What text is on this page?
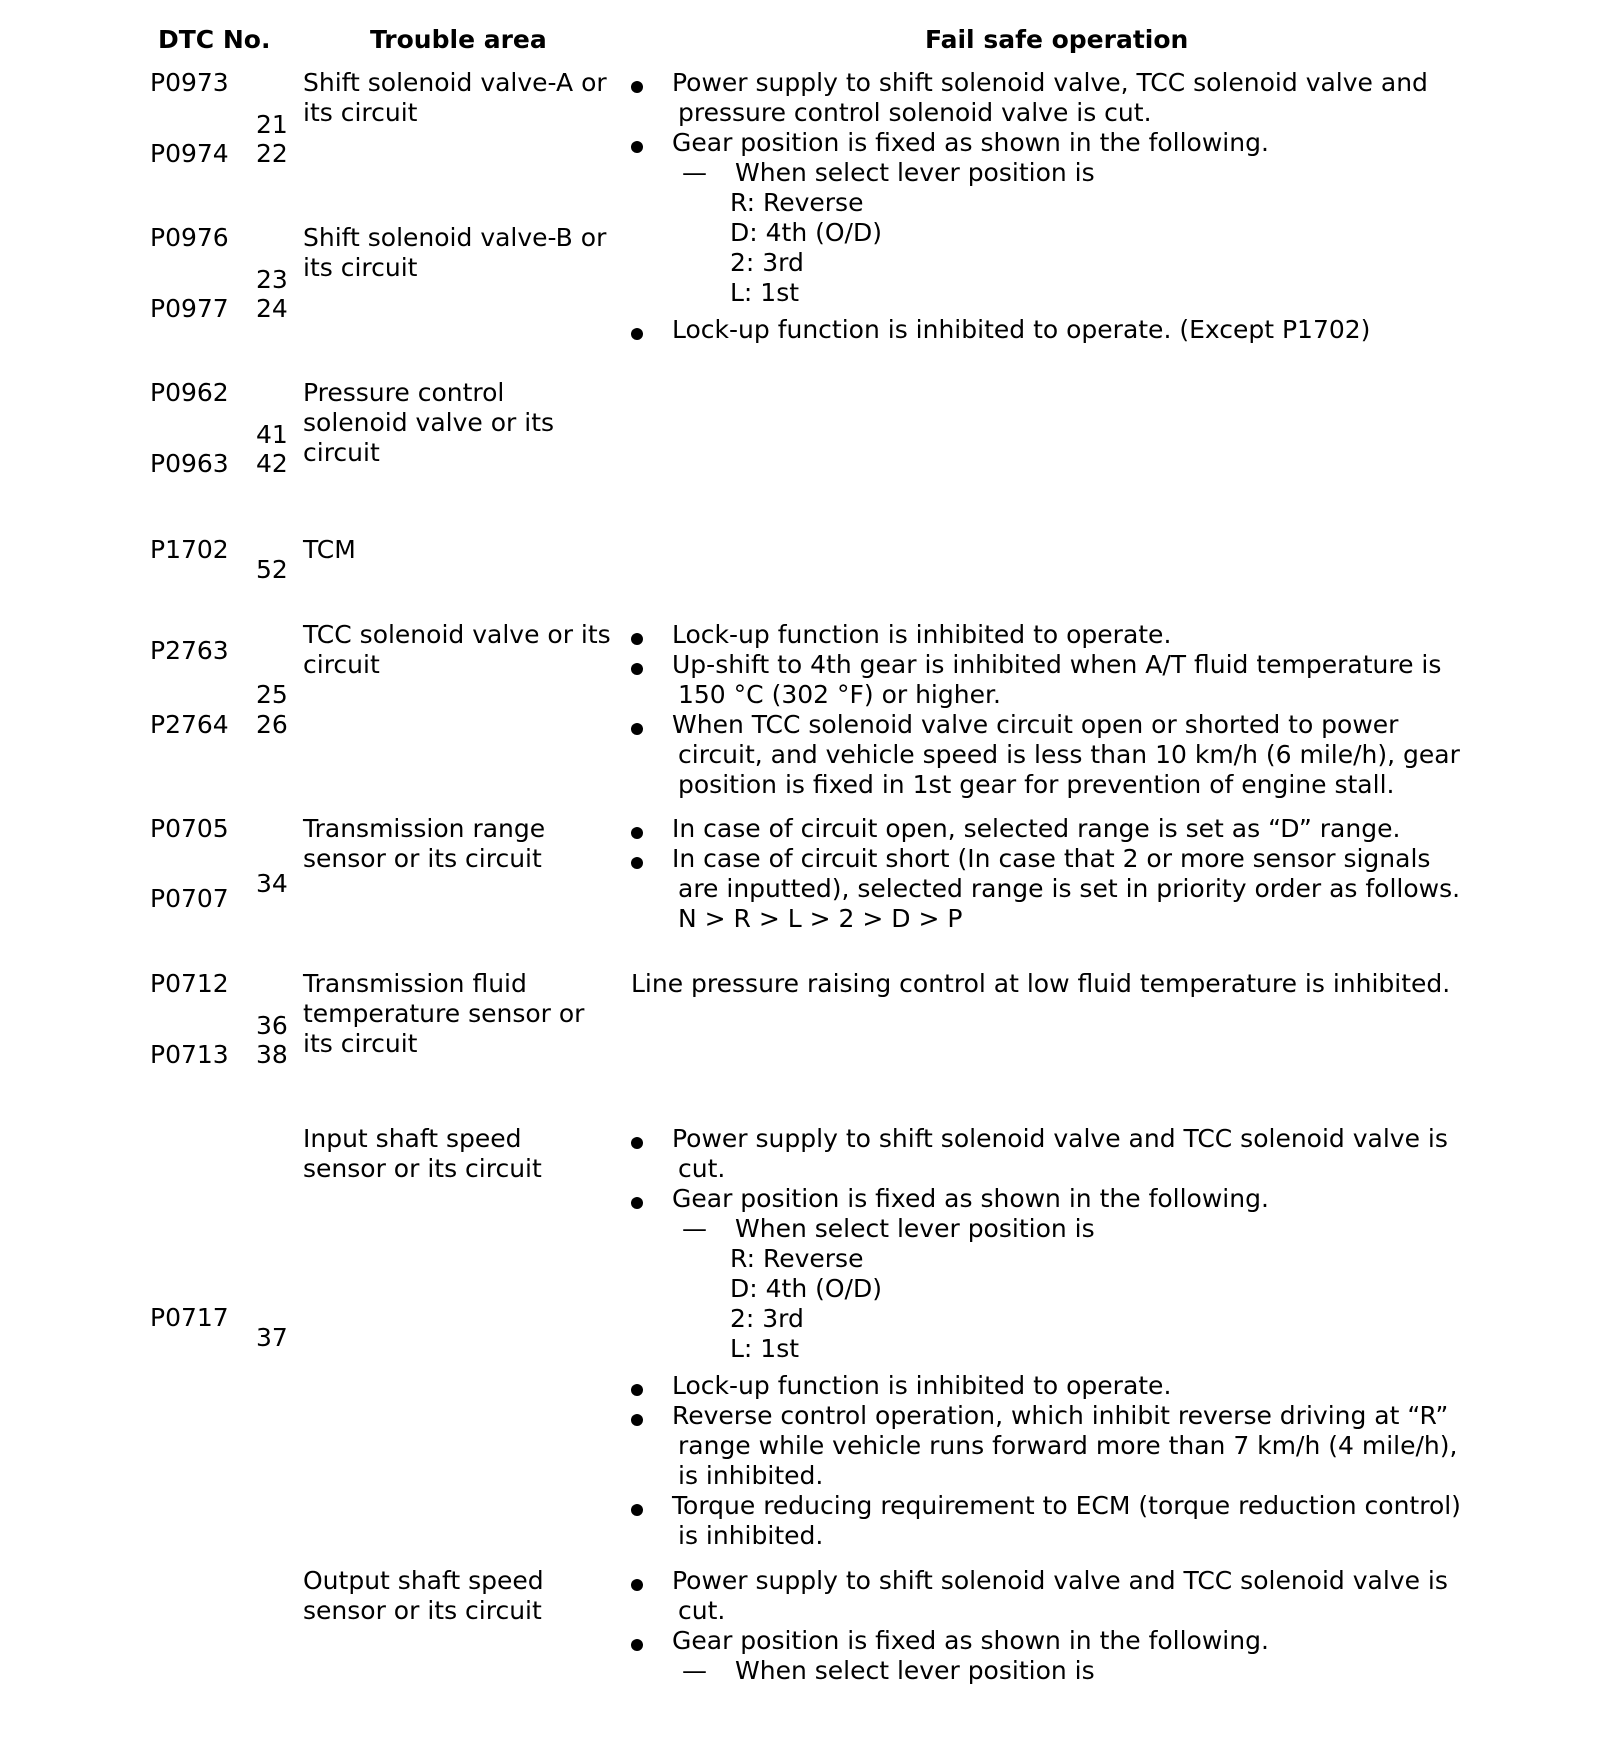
DTC No.	Trouble area	Fail safe operation
P0973
21
P0974 22
Shift solenoid valve-A or
its circuit
Power supply to shift solenoid valve, TCC solenoid valve and
pressure control solenoid valve is cut.
Gear position is fixed as shown in the following.
— When select lever position is
R: Reverse
D: 4th (O/D)
2: 3rd
L: 1st
Lock-up function is inhibited to operate. (Except P1702)
P0976
23
P0977 24
Shift solenoid valve-B or
its circuit
P0962
41
P0963 42
Pressure control
solenoid valve or its
circuit
P1702
52
TCM
P2763
25
P2764 26
TCC solenoid valve or its
circuit
Lock-up function is inhibited to operate.
Up-shift to 4th gear is inhibited when A/T fluid temperature is
150 °C (302 °F) or higher.
When TCC solenoid valve circuit open or shorted to power
circuit, and vehicle speed is less than 10 km/h (6 mile/h), gear
position is fixed in 1st gear for prevention of engine stall.
P0705
34
P0707
Transmission range
sensor or its circuit
In case of circuit open, selected range is set as “D” range.
In case of circuit short (In case that 2 or more sensor signals
are inputted), selected range is set in priority order as follows.
N > R > L > 2 > D > P
P0712
36
P0713 38
Transmission fluid
temperature sensor or
its circuit
Line pressure raising control at low fluid temperature is inhibited.
P0717
37
Input shaft speed
sensor or its circuit
Power supply to shift solenoid valve and TCC solenoid valve is
cut.
Gear position is fixed as shown in the following.
— When select lever position is
R: Reverse
D: 4th (O/D)
2: 3rd
L: 1st
Lock-up function is inhibited to operate.
Reverse control operation, which inhibit reverse driving at “R”
range while vehicle runs forward more than 7 km/h (4 mile/h),
is inhibited.
Torque reducing requirement to ECM (torque reduction control)
is inhibited.
Output shaft speed
sensor or its circuit
Power supply to shift solenoid valve and TCC solenoid valve is
cut.
Gear position is fixed as shown in the following.
— When select lever position is
